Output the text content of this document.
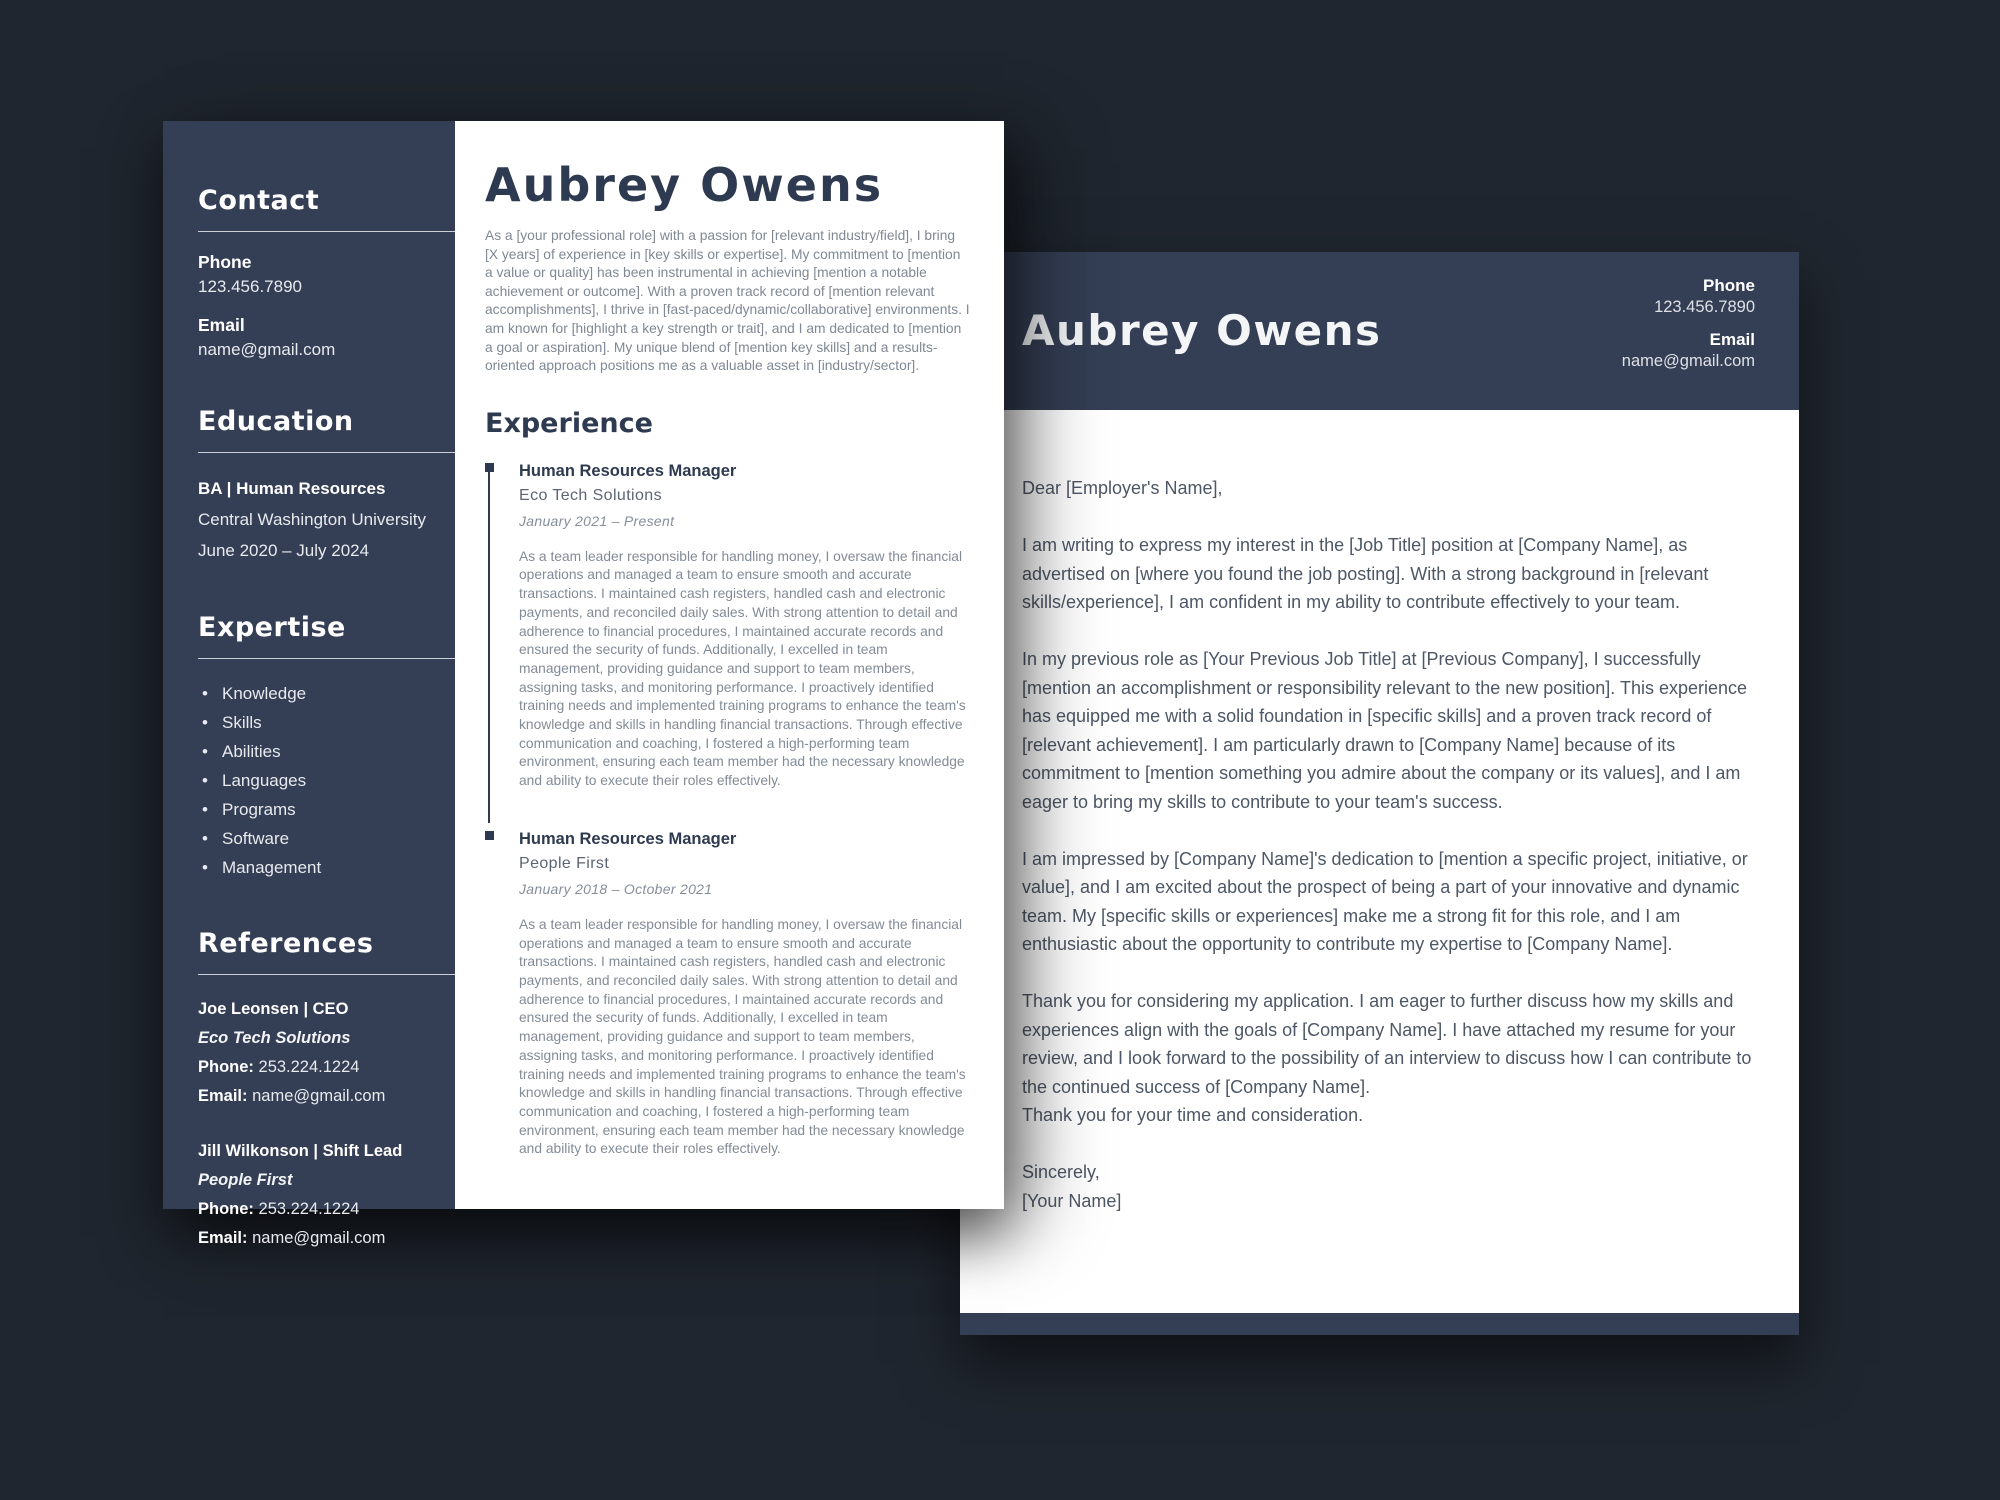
Aubrey Owens
Phone
123.456.7890
Email
name@gmail.com
Dear [Employer's Name],
I am writing to express my interest in the [Job Title] position at [Company Name], as advertised on [where you found the job posting]. With a strong background in [relevant skills/experience], I am confident in my ability to contribute effectively to your team.
In my previous role as [Your Previous Job Title] at [Previous Company], I successfully [mention an accomplishment or responsibility relevant to the new position]. This experience has equipped me with a solid foundation in [specific skills] and a proven track record of [relevant achievement]. I am particularly drawn to [Company Name] because of its commitment to [mention something you admire about the company or its values], and I am eager to bring my skills to contribute to your team's success.
I am impressed by [Company Name]'s dedication to [mention a specific project, initiative, or value], and I am excited about the prospect of being a part of your innovative and dynamic team. My [specific skills or experiences] make me a strong fit for this role, and I am enthusiastic about the opportunity to contribute my expertise to [Company Name].
Thank you for considering my application. I am eager to further discuss how my skills and experiences align with the goals of [Company Name]. I have attached my resume for your review, and I look forward to the possibility of an interview to discuss how I can contribute to the continued success of [Company Name].
Thank you for your time and consideration.
Sincerely,
[Your Name]
Contact
Phone
123.456.7890
Email
name@gmail.com
Education
BA | Human Resources
Central Washington University
June 2020 – July 2024
Expertise
• Knowledge
• Skills
• Abilities
• Languages
• Programs
• Software
• Management
References
Joe Leonsen | CEO
Eco Tech Solutions
Phone: 253.224.1224
Email: name@gmail.com
Jill Wilkonson | Shift Lead
People First
Phone: 253.224.1224
Email: name@gmail.com
Aubrey Owens
As a [your professional role] with a passion for [relevant industry/field], I bring [X years] of experience in [key skills or expertise]. My commitment to [mention a value or quality] has been instrumental in achieving [mention a notable achievement or outcome]. With a proven track record of [mention relevant accomplishments], I thrive in [fast-paced/dynamic/collaborative] environments. I am known for [highlight a key strength or trait], and I am dedicated to [mention a goal or aspiration]. My unique blend of [mention key skills] and a results-oriented approach positions me as a valuable asset in [industry/sector].
Experience
Human Resources Manager
Eco Tech Solutions
January 2021 – Present
As a team leader responsible for handling money, I oversaw the financial operations and managed a team to ensure smooth and accurate transactions. I maintained cash registers, handled cash and electronic payments, and reconciled daily sales. With strong attention to detail and adherence to financial procedures, I maintained accurate records and ensured the security of funds. Additionally, I excelled in team management, providing guidance and support to team members, assigning tasks, and monitoring performance. I proactively identified training needs and implemented training programs to enhance the team's knowledge and skills in handling financial transactions. Through effective communication and coaching, I fostered a high-performing team environment, ensuring each team member had the necessary knowledge and ability to execute their roles effectively.
Human Resources Manager
People First
January 2018 – October 2021
As a team leader responsible for handling money, I oversaw the financial operations and managed a team to ensure smooth and accurate transactions. I maintained cash registers, handled cash and electronic payments, and reconciled daily sales. With strong attention to detail and adherence to financial procedures, I maintained accurate records and ensured the security of funds. Additionally, I excelled in team management, providing guidance and support to team members, assigning tasks, and monitoring performance. I proactively identified training needs and implemented training programs to enhance the team's knowledge and skills in handling financial transactions. Through effective communication and coaching, I fostered a high-performing team environment, ensuring each team member had the necessary knowledge and ability to execute their roles effectively.
